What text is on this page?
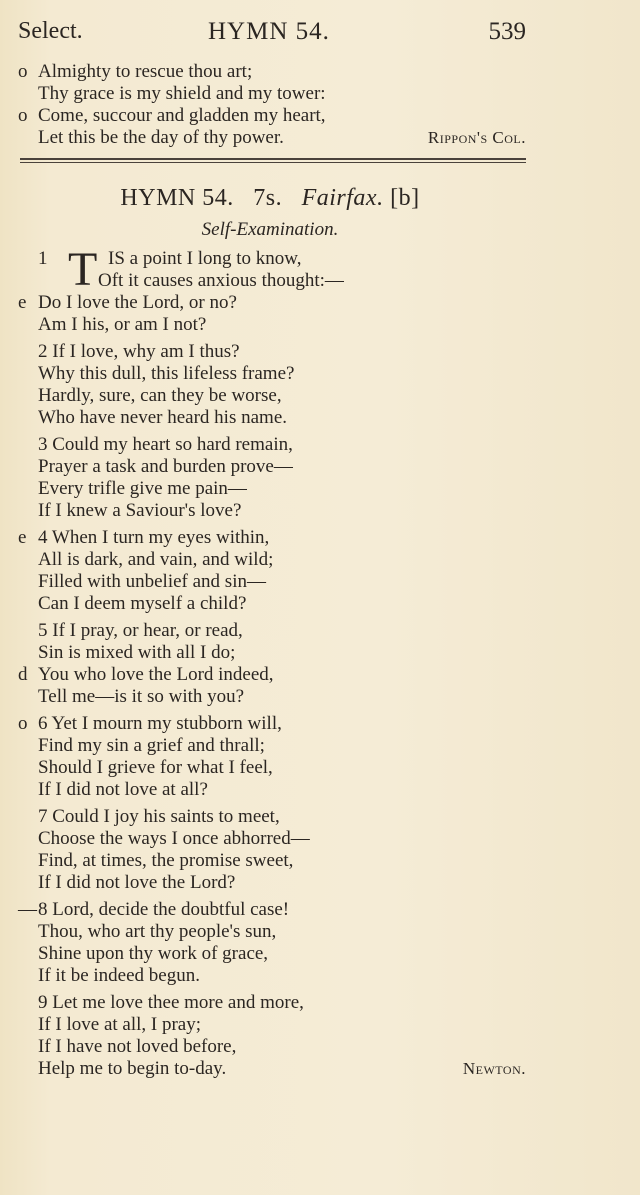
Select.	HYMN 54.	539
o Almighty to rescue thou art;
Thy grace is my shield and my tower:
o Come, succour and gladden my heart,
Let this be the day of thy power.	Rippon's Col.
HYMN 54. 7s. Fairfax. [b]
Self-Examination.
1 T IS a point I long to know,
Oft it causes anxious thought:—
e Do I love the Lord, or no?
Am I his, or am I not?
2 If I love, why am I thus?
Why this dull, this lifeless frame?
Hardly, sure, can they be worse,
Who have never heard his name.
3 Could my heart so hard remain,
Prayer a task and burden prove—
Every trifle give me pain—
If I knew a Saviour's love?
e 4 When I turn my eyes within,
All is dark, and vain, and wild;
Filled with unbelief and sin—
Can I deem myself a child?
5 If I pray, or hear, or read,
Sin is mixed with all I do;
d You who love the Lord indeed,
Tell me—is it so with you?
o 6 Yet I mourn my stubborn will,
Find my sin a grief and thrall;
Should I grieve for what I feel,
If I did not love at all?
7 Could I joy his saints to meet,
Choose the ways I once abhorred—
Find, at times, the promise sweet,
If I did not love the Lord?
— 8 Lord, decide the doubtful case!
Thou, who art thy people's sun,
Shine upon thy work of grace,
If it be indeed begun.
9 Let me love thee more and more,
If I love at all, I pray;
If I have not loved before,
Help me to begin to-day.	Newton.
